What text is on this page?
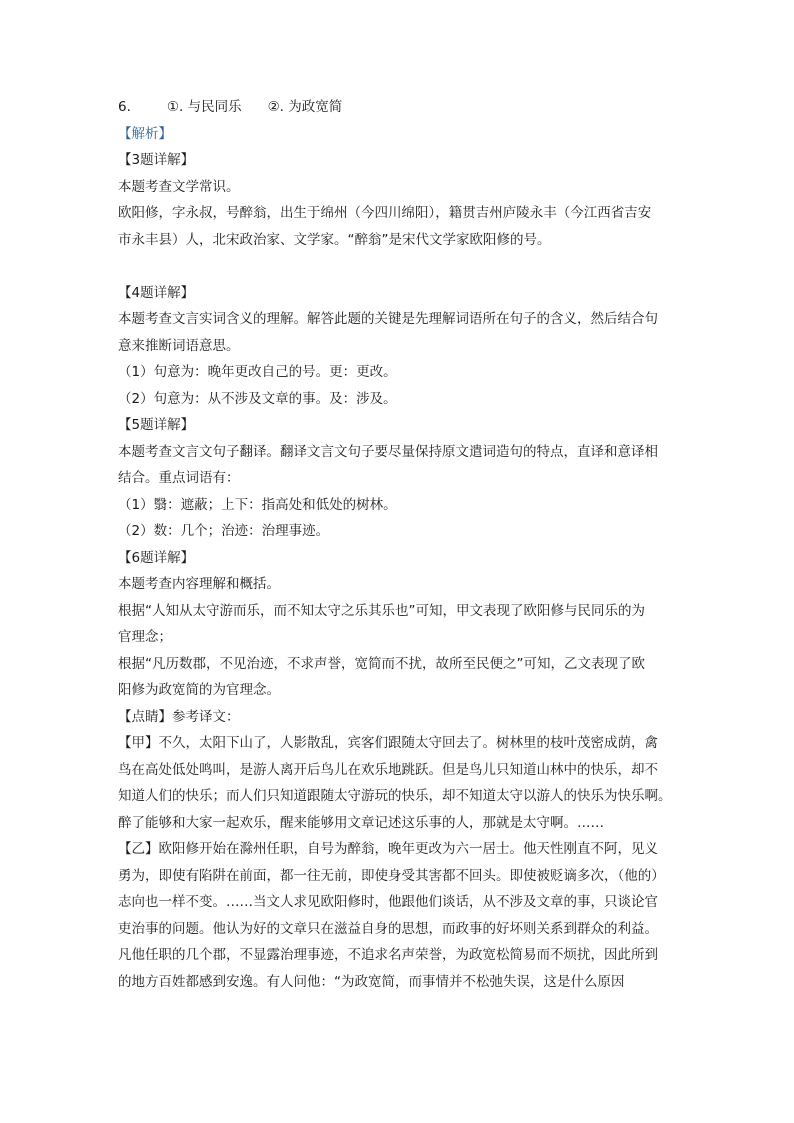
6.	①. 与民同乐 ②. 为政宽简

【解析】

【3题详解】

本题考查文学常识。

欧阳修，字永叔，号醉翁，出生于绵州（今四川绵阳），籍贯吉州庐陵永丰（今江西省吉安

市永丰县）人，北宋政治家、文学家。“醉翁”是宋代文学家欧阳修的号。

【4题详解】

本题考查文言实词含义的理解。解答此题的关键是先理解词语所在句子的含义，然后结合句

意来推断词语意思。

（1）句意为：晚年更改自己的号。更：更改。

（2）句意为：从不涉及文章的事。及：涉及。

【5题详解】

本题考查文言文句子翻译。翻译文言文句子要尽量保持原文遣词造句的特点，直译和意译相

结合。重点词语有：

（1）翳：遮蔽；上下：指高处和低处的树林。

（2）数：几个；治迹：治理事迹。

【6题详解】

本题考查内容理解和概括。

根据“人知从太守游而乐，而不知太守之乐其乐也”可知，甲文表现了欧阳修与民同乐的为

官理念；

根据“凡历数郡，不见治迹，不求声誉，宽简而不扰，故所至民便之”可知，乙文表现了欧

阳修为政宽简的为官理念。

【点睛】参考译文：

【甲】不久，太阳下山了，人影散乱，宾客们跟随太守回去了。树林里的枝叶茂密成荫，禽

鸟在高处低处鸣叫，是游人离开后鸟儿在欢乐地跳跃。但是鸟儿只知道山林中的快乐，却不

知道人们的快乐；而人们只知道跟随太守游玩的快乐，却不知道太守以游人的快乐为快乐啊。

醉了能够和大家一起欢乐，醒来能够用文章记述这乐事的人，那就是太守啊。……

【乙】欧阳修开始在滁州任职，自号为醉翁，晚年更改为六一居士。他天性刚直不阿，见义

勇为，即使有陷阱在前面，都一往无前，即使身受其害都不回头。即使被贬谪多次，（他的）

志向也一样不变。……当文人求见欧阳修时，他跟他们谈话，从不涉及文章的事，只谈论官

吏治事的问题。他认为好的文章只在滋益自身的思想，而政事的好坏则关系到群众的利益。

凡他任职的几个郡，不显露治理事迹，不追求名声荣誉，为政宽松简易而不烦扰，因此所到

的地方百姓都感到安逸。有人问他：“为政宽简，而事情并不松弛失误，这是什么原因
